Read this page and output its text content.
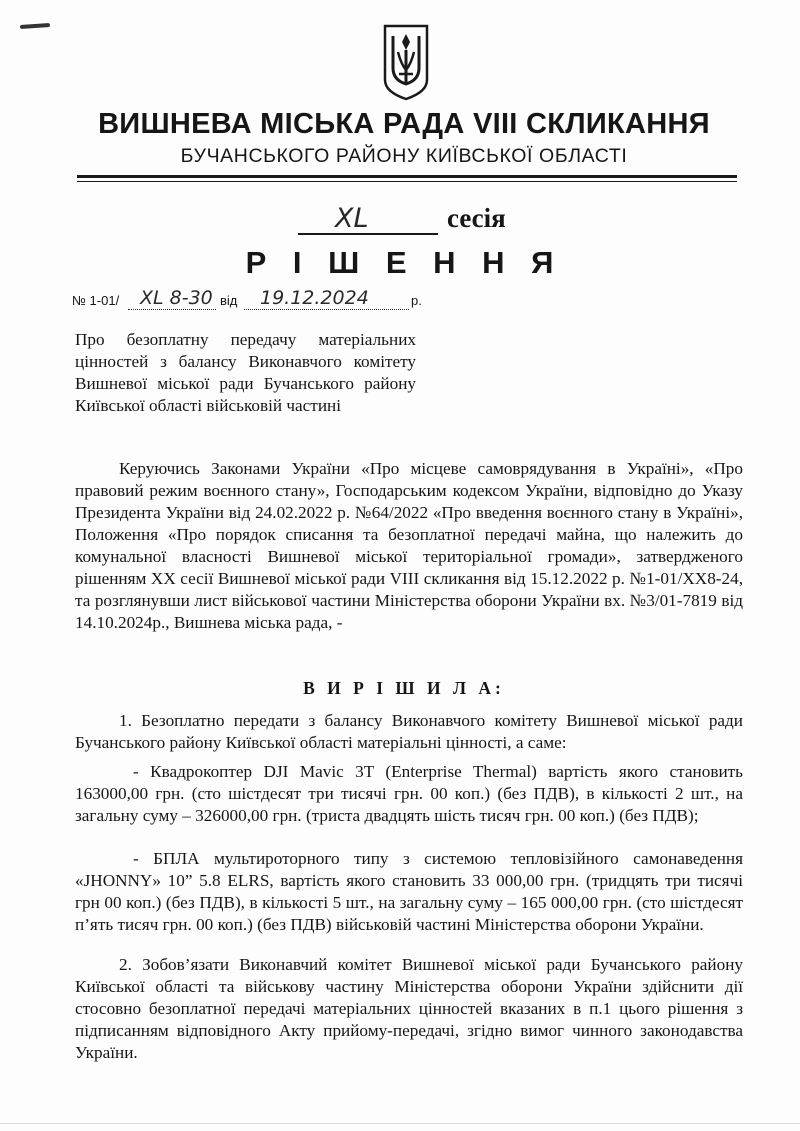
ВИШНЕВА МІСЬКА РАДА VIII СКЛИКАННЯ
БУЧАНСЬКОГО РАЙОНУ КИЇВСЬКОЇ ОБЛАСТІ
XL	сесія
Р І Ш Е Н Н Я
№ 1-01/ XL 8-30 від 19.12.2024	р.
Про безоплатну передачу матеріальних цінностей з балансу Виконавчого комітету Вишневої міської ради Бучанського району Київської області військовій частині
Керуючись Законами України «Про місцеве самоврядування в Україні», «Про правовий режим воєнного стану», Господарським кодексом України, відповідно до Указу Президента України від 24.02.2022 р. №64/2022 «Про введення воєнного стану в Україні», Положення «Про порядок списання та безоплатної передачі майна, що належить до комунальної власності Вишневої міської територіальної громади», затвердженого рішенням XX сесії Вишневої міської ради VIII скликання від 15.12.2022 р. №1-01/XX8-24, та розглянувши лист військової частини Міністерства оборони України вх. №3/01-7819 від 14.10.2024р., Вишнева міська рада, -
В И Р І Ш И Л А:
1. Безоплатно передати з балансу Виконавчого комітету Вишневої міської ради Бучанського району Київської області матеріальні цінності, а саме:
- Квадрокоптер DJI Mavic 3T (Enterprise Thermal) вартість якого становить 163000,00 грн. (сто шістдесят три тисячі грн. 00 коп.) (без ПДВ), в кількості 2 шт., на загальну суму – 326000,00 грн. (триста двадцять шість тисяч грн. 00 коп.) (без ПДВ);
- БПЛА мультироторного типу з системою тепловізійного самонаведення «JHONNY» 10” 5.8 ELRS, вартість якого становить 33 000,00 грн. (тридцять три тисячі грн 00 коп.) (без ПДВ), в кількості 5 шт., на загальну суму – 165 000,00 грн. (сто шістдесят п’ять тисяч грн. 00 коп.) (без ПДВ) військовій частині Міністерства оборони України.
2. Зобов’язати Виконавчий комітет Вишневої міської ради Бучанського району Київської області та військову частину Міністерства оборони України здійснити дії стосовно безоплатної передачі матеріальних цінностей вказаних в п.1 цього рішення з підписанням відповідного Акту прийому-передачі, згідно вимог чинного законодавства України.
